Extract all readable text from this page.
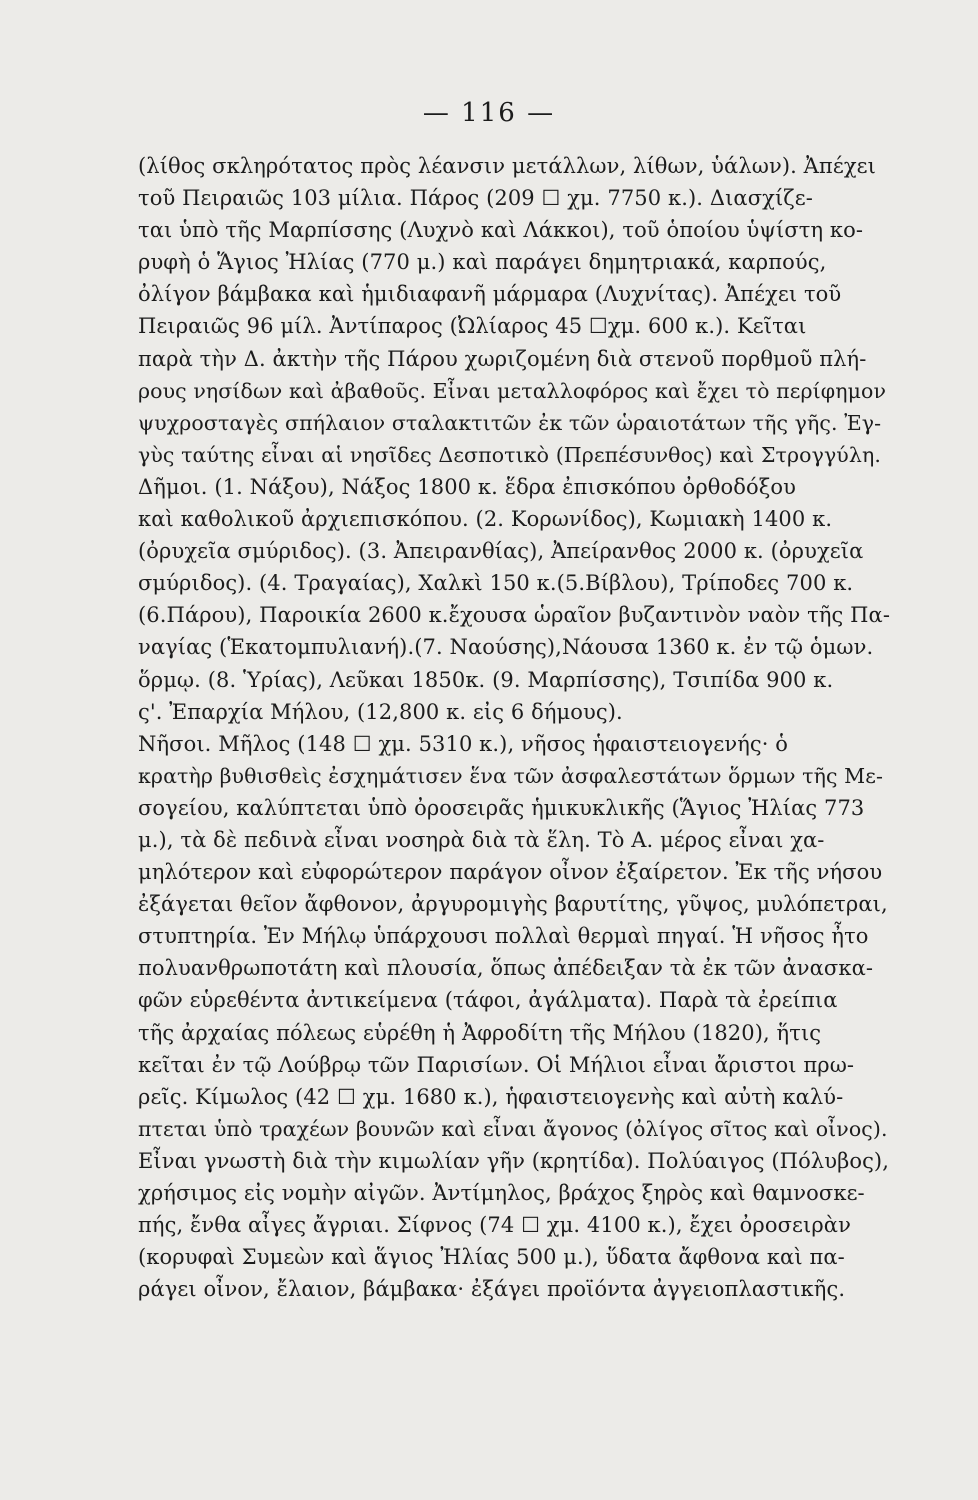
— 116 —
(λίθος σκληρότατος πρὸς λέανσιν μετάλλων, λίθων, ὑάλων). Ἀπέχει
τοῦ Πειραιῶς 103 μίλια. Πάρος (209 ☐ χμ. 7750 κ.). Διασχίζε-
ται ὑπὸ τῆς Μαρπίσσης (Λυχνὸ καὶ Λάκκοι), τοῦ ὁποίου ὑψίστη κο-
ρυφὴ ὁ Ἅγιος Ἠλίας (770 μ.) καὶ παράγει δημητριακά, καρπούς,
ὀλίγον βάμβακα καὶ ἡμιδιαφανῆ μάρμαρα (Λυχνίτας). Ἀπέχει τοῦ
Πειραιῶς 96 μίλ. Ἀντίπαρος (Ὠλίαρος 45 ☐χμ. 600 κ.). Κεῖται
παρὰ τὴν Δ. ἀκτὴν τῆς Πάρου χωριζομένη διὰ στενοῦ πορθμοῦ πλή-
ρους νησίδων καὶ ἀβαθοῦς. Εἶναι μεταλλοφόρος καὶ ἔχει τὸ περίφημον
ψυχροσταγὲς σπήλαιον σταλακτιτῶν ἐκ τῶν ὡραιοτάτων τῆς γῆς. Ἐγ-
γὺς ταύτης εἶναι αἱ νησῖδες Δεσποτικὸ (Πρεπέσυνθος) καὶ Στρογγύλη.
Δῆμοι. (1. Νάξου), Νάξος 1800 κ. ἕδρα ἐπισκόπου ὀρθοδόξου
καὶ καθολικοῦ ἀρχιεπισκόπου. (2. Κορωνίδος), Κωμιακὴ 1400 κ.
(ὀρυχεῖα σμύριδος). (3. Ἀπειρανθίας), Ἀπείρανθος 2000 κ. (ὀρυχεῖα
σμύριδος). (4. Τραγαίας), Χαλκὶ 150 κ.(5.Βίβλου), Τρίποδες 700 κ.
(6.Πάρου), Παροικία 2600 κ.ἔχουσα ὡραῖον βυζαντινὸν ναὸν τῆς Πα-
ναγίας (Ἑκατομπυλιανή).(7. Ναούσης),Νάουσα 1360 κ. ἐν τῷ ὁμων.
ὅρμῳ. (8. Ὑρίας), Λεῦκαι 1850κ. (9. Μαρπίσσης), Τσιπίδα 900 κ.
ς'. Ἐπαρχία Μήλου, (12,800 κ. εἰς 6 δήμους).
Νῆσοι. Μῆλος (148 ☐ χμ. 5310 κ.), νῆσος ἡφαιστειογενής· ὁ
κρατὴρ βυθισθεὶς ἐσχημάτισεν ἕνα τῶν ἀσφαλεστάτων ὅρμων τῆς Με-
σογείου, καλύπτεται ὑπὸ ὀροσειρᾶς ἡμικυκλικῆς (Ἅγιος Ἠλίας 773
μ.), τὰ δὲ πεδινὰ εἶναι νοσηρὰ διὰ τὰ ἕλη. Τὸ Α. μέρος εἶναι χα-
μηλότερον καὶ εὐφορώτερον παράγον οἶνον ἐξαίρετον. Ἐκ τῆς νήσου
ἐξάγεται θεῖον ἄφθονον, ἀργυρομιγὴς βαρυτίτης, γῦψος, μυλόπετραι,
στυπτηρία. Ἐν Μήλῳ ὑπάρχουσι πολλαὶ θερμαὶ πηγαί. Ἡ νῆσος ἦτο
πολυανθρωποτάτη καὶ πλουσία, ὅπως ἀπέδειξαν τὰ ἐκ τῶν ἀνασκα-
φῶν εὑρεθέντα ἀντικείμενα (τάφοι, ἀγάλματα). Παρὰ τὰ ἐρείπια
τῆς ἀρχαίας πόλεως εὑρέθη ἡ Ἀφροδίτη τῆς Μήλου (1820), ἥτις
κεῖται ἐν τῷ Λούβρῳ τῶν Παρισίων. Οἱ Μήλιοι εἶναι ἄριστοι πρω-
ρεῖς. Κίμωλος (42 ☐ χμ. 1680 κ.), ἡφαιστειογενὴς καὶ αὐτὴ καλύ-
πτεται ὑπὸ τραχέων βουνῶν καὶ εἶναι ἄγονος (ὀλίγος σῖτος καὶ οἶνος).
Εἶναι γνωστὴ διὰ τὴν κιμωλίαν γῆν (κρητίδα). Πολύαιγος (Πόλυβος),
χρήσιμος εἰς νομὴν αἰγῶν. Ἀντίμηλος, βράχος ξηρὸς καὶ θαμνοσκε-
πής, ἔνθα αἶγες ἄγριαι. Σίφνος (74 ☐ χμ. 4100 κ.), ἔχει ὀροσειρὰν
(κορυφαὶ Συμεὼν καὶ ἅγιος Ἠλίας 500 μ.), ὕδατα ἄφθονα καὶ πα-
ράγει οἶνον, ἔλαιον, βάμβακα· ἐξάγει προϊόντα ἀγγειοπλαστικῆς.
